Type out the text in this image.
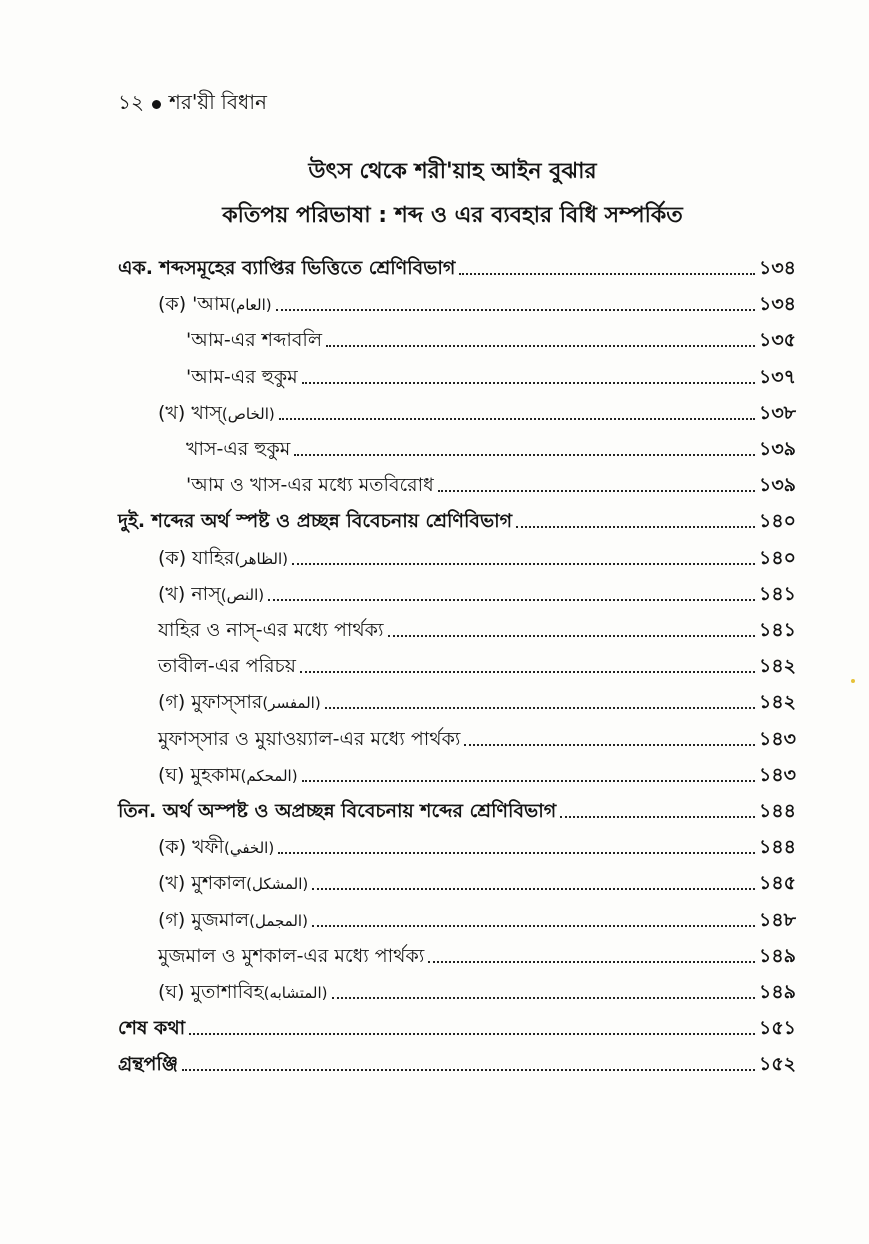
১২ শর'য়ী বিধান
উৎস থেকে শরী'য়াহ আইন বুঝার
কতিপয় পরিভাষা : শব্দ ও এর ব্যবহার বিধি সম্পর্কিত
এক. শব্দসমূহের ব্যাপ্তির ভিত্তিতে শ্রেণিবিভাগ	১৩৪
(ক) 'আম (العام)	১৩৪
'আম-এর শব্দাবলি	১৩৫
'আম-এর হুকুম	১৩৭
(খ) খাস্ (الخاص)	১৩৮
খাস-এর হুকুম	১৩৯
'আম ও খাস-এর মধ্যে মতবিরোধ	১৩৯
দুই. শব্দের অর্থ স্পষ্ট ও প্রচ্ছন্ন বিবেচনায় শ্রেণিবিভাগ	১৪০
(ক) যাহির (الظاهر)	১৪০
(খ) নাস্ (النص)	১৪১
যাহির ও নাস্-এর মধ্যে পার্থক্য	১৪১
তাবীল-এর পরিচয়	১৪২
(গ) মুফাস্সার (المفسر)	১৪২
মুফাস্সার ও মুয়াওয়্যাল-এর মধ্যে পার্থক্য	১৪৩
(ঘ) মুহকাম (المحكم)	১৪৩
তিন. অর্থ অস্পষ্ট ও অপ্রচ্ছন্ন বিবেচনায় শব্দের শ্রেণিবিভাগ	১৪৪
(ক) খফী (الخفي)	১৪৪
(খ) মুশকাল (المشكل)	১৪৫
(গ) মুজমাল (المجمل)	১৪৮
মুজমাল ও মুশকাল-এর মধ্যে পার্থক্য	১৪৯
(ঘ) মুতাশাবিহ (المتشابه)	১৪৯
শেষ কথা	১৫১
গ্রন্থপঞ্জি	১৫২
